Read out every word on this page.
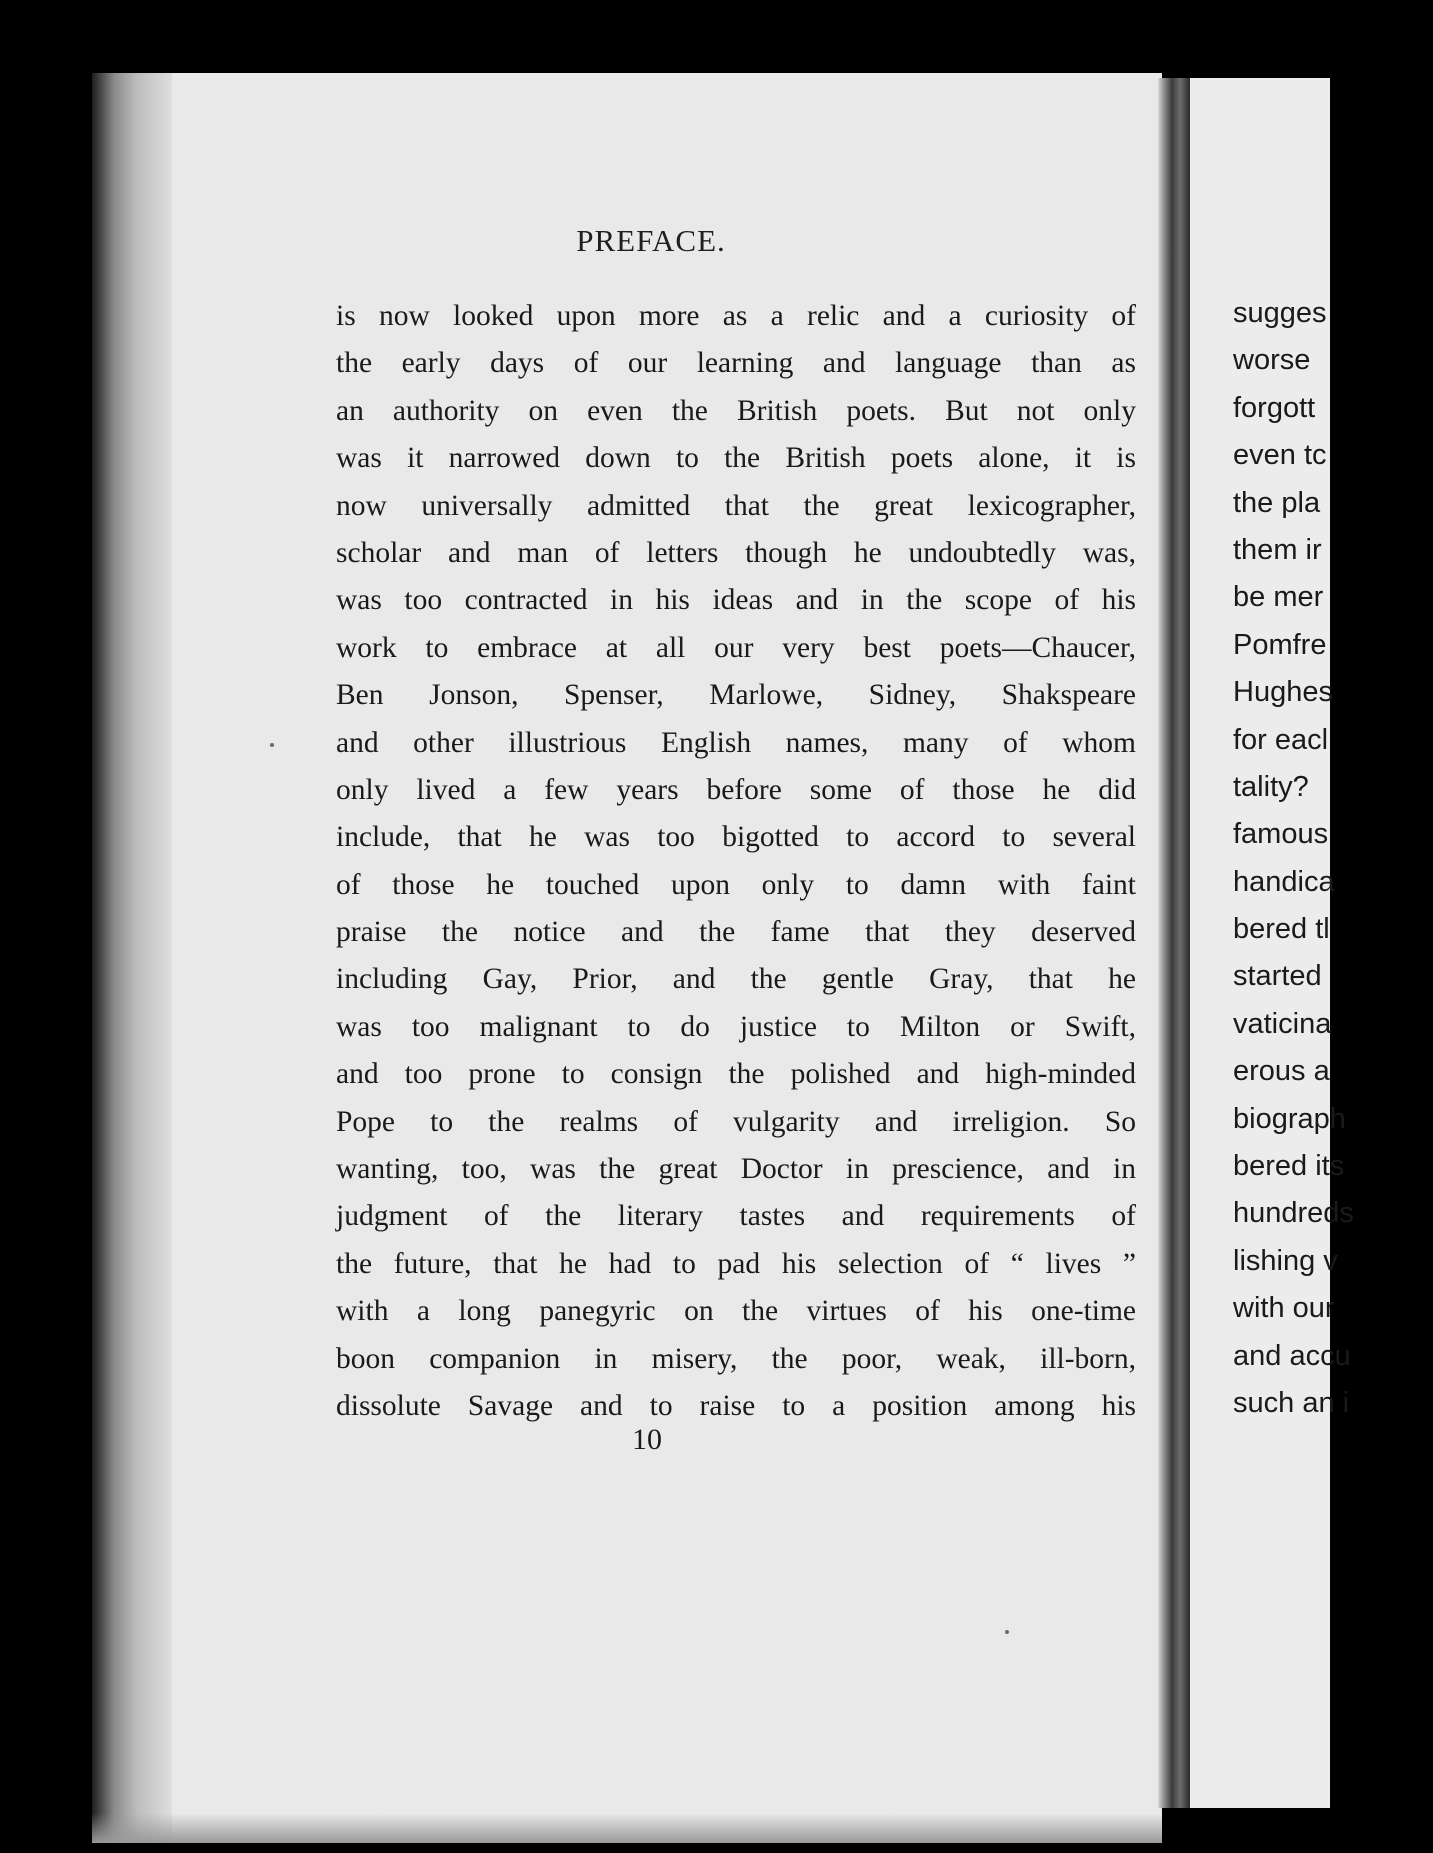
PREFACE.
is now looked upon more as a relic and a curiosity of
the early days of our learning and language than as
an authority on even the British poets. But not only
was it narrowed down to the British poets alone, it is
now universally admitted that the great lexicographer,
scholar and man of letters though he undoubtedly was,
was too contracted in his ideas and in the scope of his
work to embrace at all our very best poets—Chaucer,
Ben Jonson, Spenser, Marlowe, Sidney, Shakspeare
and other illustrious English names, many of whom
only lived a few years before some of those he did
include, that he was too bigotted to accord to several
of those he touched upon only to damn with faint
praise the notice and the fame that they deserved
including Gay, Prior, and the gentle Gray, that he
was too malignant to do justice to Milton or Swift,
and too prone to consign the polished and high-minded
Pope to the realms of vulgarity and irreligion. So
wanting, too, was the great Doctor in prescience, and in
judgment of the literary tastes and requirements of
the future, that he had to pad his selection of “ lives ”
with a long panegyric on the virtues of his one-time
boon companion in misery, the poor, weak, ill-born,
dissolute Savage and to raise to a position among his
10
sugges
worse
forgott
even tc
the pla
them ir
be mer
Pomfre
Hughes
for eacl
tality?
famous
handica
bered tl
started
vaticina
erous a
biograph
bered its
hundreds
lishing v
with our
and accu
such an i
